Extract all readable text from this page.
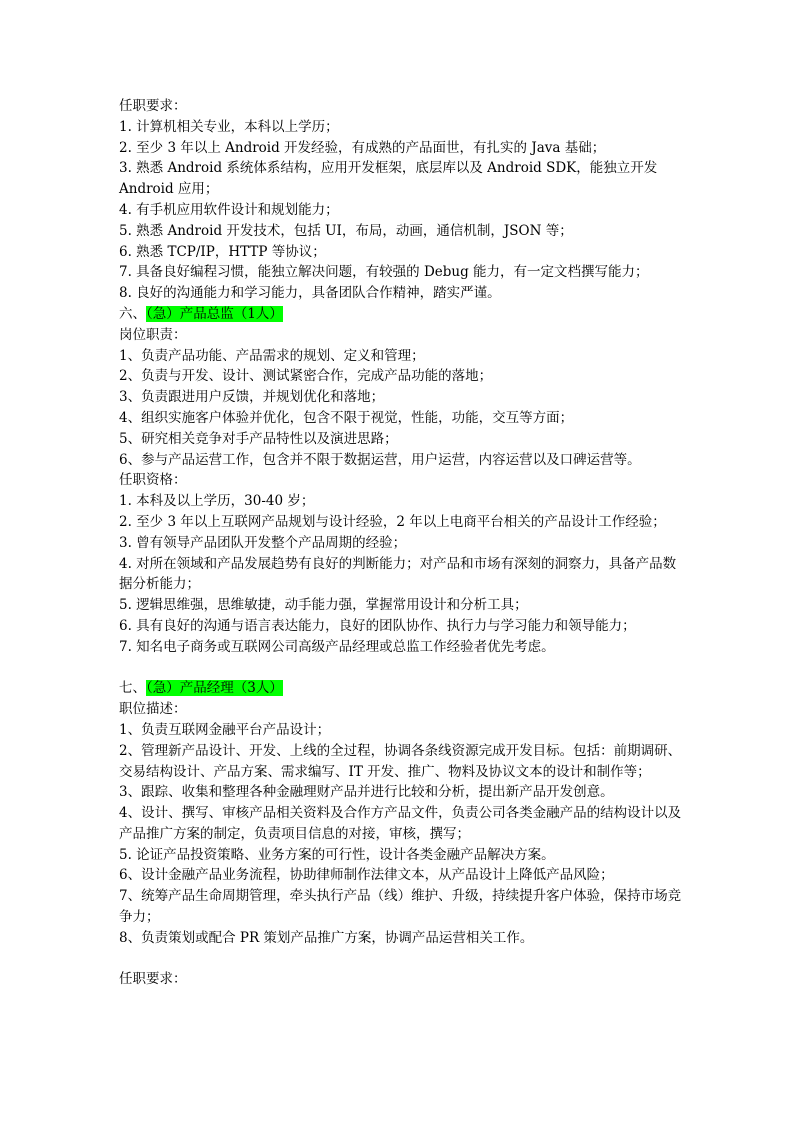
任职要求：
1. 计算机相关专业，本科以上学历；
2. 至少 3 年以上 Android 开发经验，有成熟的产品面世，有扎实的 Java 基础；
3. 熟悉 Android 系统体系结构，应用开发框架，底层库以及 Android SDK，能独立开发
Android 应用；
4. 有手机应用软件设计和规划能力；
5. 熟悉 Android 开发技术，包括 UI，布局，动画，通信机制，JSON 等；
6. 熟悉 TCP/IP，HTTP 等协议；
7. 具备良好编程习惯，能独立解决问题，有较强的 Debug 能力，有一定文档撰写能力；
8. 良好的沟通能力和学习能力，具备团队合作精神，踏实严谨。
六、（急）产品总监（1人）
岗位职责：
1、负责产品功能、产品需求的规划、定义和管理；
2、负责与开发、设计、测试紧密合作，完成产品功能的落地；
3、负责跟进用户反馈，并规划优化和落地；
4、组织实施客户体验并优化，包含不限于视觉，性能，功能，交互等方面；
5、研究相关竞争对手产品特性以及演进思路；
6、参与产品运营工作，包含并不限于数据运营，用户运营，内容运营以及口碑运营等。
任职资格：
1. 本科及以上学历，30-40 岁；
2. 至少 3 年以上互联网产品规划与设计经验，2 年以上电商平台相关的产品设计工作经验；
3. 曾有领导产品团队开发整个产品周期的经验；
4. 对所在领域和产品发展趋势有良好的判断能力；对产品和市场有深刻的洞察力，具备产品数据分析能力；
5. 逻辑思维强，思维敏捷，动手能力强，掌握常用设计和分析工具；
6. 具有良好的沟通与语言表达能力，良好的团队协作、执行力与学习能力和领导能力；
7. 知名电子商务或互联网公司高级产品经理或总监工作经验者优先考虑。
七、（急）产品经理（3人）
职位描述：
1、负责互联网金融平台产品设计；
2、管理新产品设计、开发、上线的全过程，协调各条线资源完成开发目标。包括：前期调研、交易结构设计、产品方案、需求编写、IT 开发、推广、物料及协议文本的设计和制作等；
3、跟踪、收集和整理各种金融理财产品并进行比较和分析，提出新产品开发创意。
4、设计、撰写、审核产品相关资料及合作方产品文件，负责公司各类金融产品的结构设计以及产品推广方案的制定，负责项目信息的对接，审核，撰写；
5. 论证产品投资策略、业务方案的可行性，设计各类金融产品解决方案。
6、设计金融产品业务流程，协助律师制作法律文本，从产品设计上降低产品风险；
7、统筹产品生命周期管理，牵头执行产品（线）维护、升级，持续提升客户体验，保持市场竞争力；
8、负责策划或配合 PR 策划产品推广方案，协调产品运营相关工作。
任职要求：
